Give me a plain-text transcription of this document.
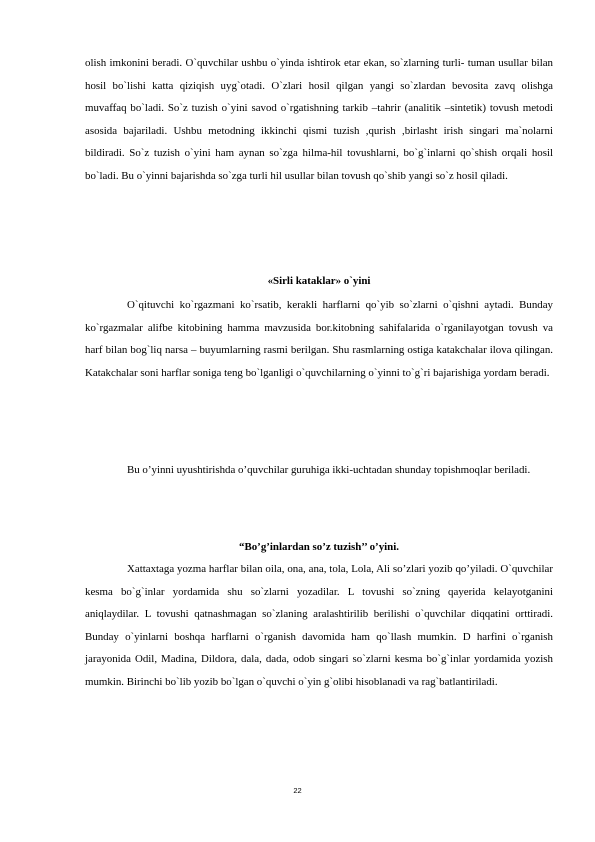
olish imkonini beradi. O`quvchilar ushbu o`yinda ishtirok etar ekan, so`zlarning turli- tuman usullar bilan hosil bo`lishi katta qiziqish uyg`otadi. O`zlari hosil qilgan yangi so`zlardan bevosita zavq olishga muvaffaq bo`ladi. So`z tuzish o`yini savod o`rgatishning tarkib –tahrir (analitik –sintetik) tovush metodi asosida bajariladi. Ushbu metodning ikkinchi qismi tuzish ,qurish ,birlasht irish singari ma`nolarni bildiradi. So`z tuzish o`yini ham aynan so`zga hilma-hil tovushlarni, bo`g`inlarni qo`shish orqali hosil bo`ladi. Bu o`yinni bajarishda so`zga turli hil usullar bilan tovush qo`shib yangi so`z hosil qiladi.

«Sirli kataklar» o`yini

O`qituvchi ko`rgazmani ko`rsatib, kerakli harflarni qo`yib so`zlarni o`qishni aytadi. Bunday ko`rgazmalar alifbe kitobining hamma mavzusida bor.kitobning sahifalarida o`rganilayotgan tovush va harf bilan bog`liq narsa – buyumlarning rasmi berilgan. Shu rasmlarning ostiga katakchalar ilova qilingan. Katakchalar soni harflar soniga teng bo`lganligi o`quvchilarning o`yinni to`g`ri bajarishiga yordam beradi.

Bu o’yinni uyushtirishda o’quvchilar guruhiga ikki-uchtadan shunday topishmoqlar beriladi.

“Bo’g’inlardan so’z tuzish’’ o’yini.

Xattaxtaga yozma harflar bilan oila, ona, ana, tola, Lola, Ali so’zlari yozib qo’yiladi. O`quvchilar kesma bo`g`inlar yordamida shu so`zlarni yozadilar. L tovushi so`zning qayerida kelayotganini aniqlaydilar. L tovushi qatnashmagan so`zlaning aralashtirilib berilishi o`quvchilar diqqatini orttiradi. Bunday o`yinlarni boshqa harflarni o`rganish davomida ham qo`llash mumkin. D harfini o`rganish jarayonida Odil, Madina, Dildora, dala, dada, odob singari so`zlarni kesma bo`g`inlar yordamida yozish mumkin. Birinchi bo`lib yozib bo`lgan o`quvchi o`yin g`olibi hisoblanadi va rag`batlantiriladi.

22
